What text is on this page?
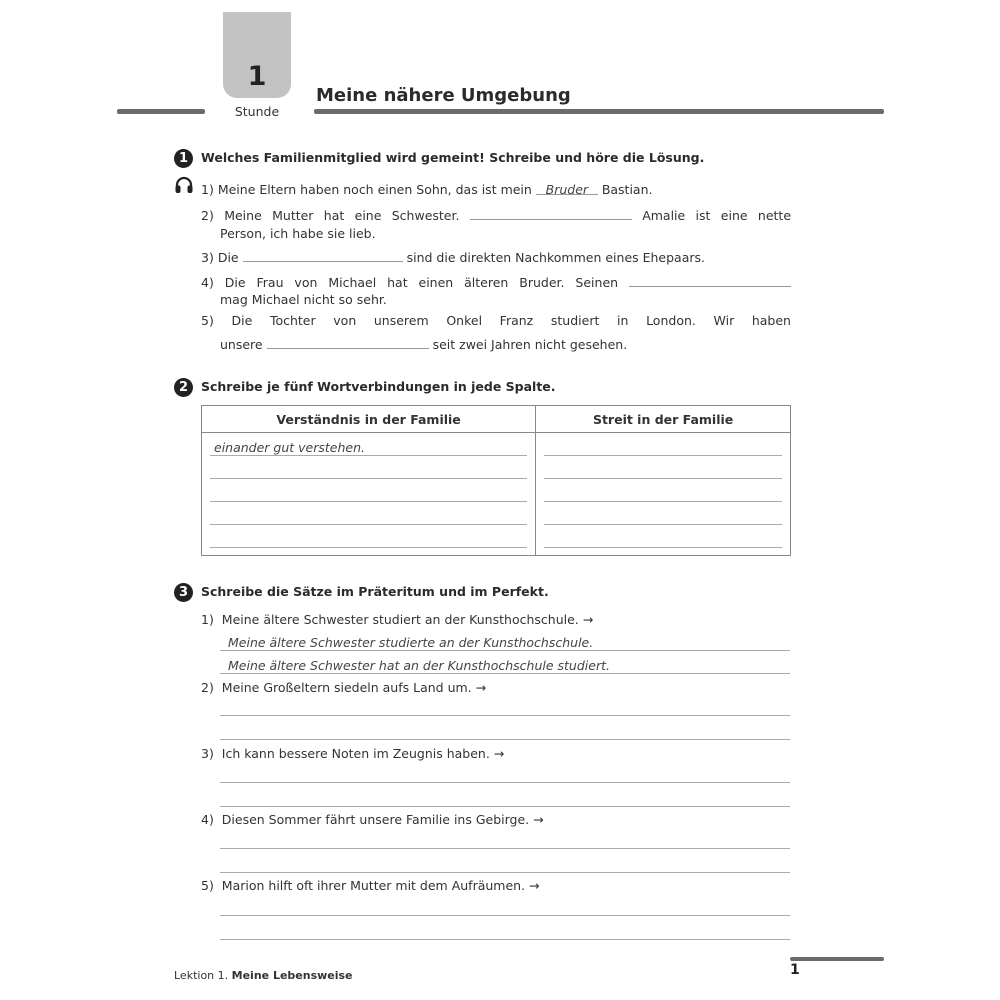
1
Stunde
Meine nähere Umgebung
1 Welches Familienmitglied wird gemeint! Schreibe und höre die Lösung.
1) Meine Eltern haben noch einen Sohn, das ist mein Bruder Bastian.
2) Meine Mutter hat eine Schwester.	Amalie ist eine nette
Person, ich habe sie lieb.
3) Die	sind die direkten Nachkommen eines Ehepaars.
4) Die Frau von Michael hat einen älteren Bruder. Seinen
mag Michael nicht so sehr.
5) Die Tochter von unserem Onkel Franz studiert in London. Wir haben
unsere	seit zwei Jahren nicht gesehen.
2 Schreibe je fünf Wortverbindungen in jede Spalte.
Verständnis in der Familie	Streit in der Familie

einander gut verstehen.	

3 Schreibe die Sätze im Präteritum und im Perfekt.
1) Meine ältere Schwester studiert an der Kunsthochschule. →
Meine ältere Schwester studierte an der Kunsthochschule.
Meine ältere Schwester hat an der Kunsthochschule studiert.
2) Meine Großeltern siedeln aufs Land um. →
3) Ich kann bessere Noten im Zeugnis haben. →
4) Diesen Sommer fährt unsere Familie ins Gebirge. →
5) Marion hilft oft ihrer Mutter mit dem Aufräumen. →
Lektion 1. Meine Lebensweise	1
